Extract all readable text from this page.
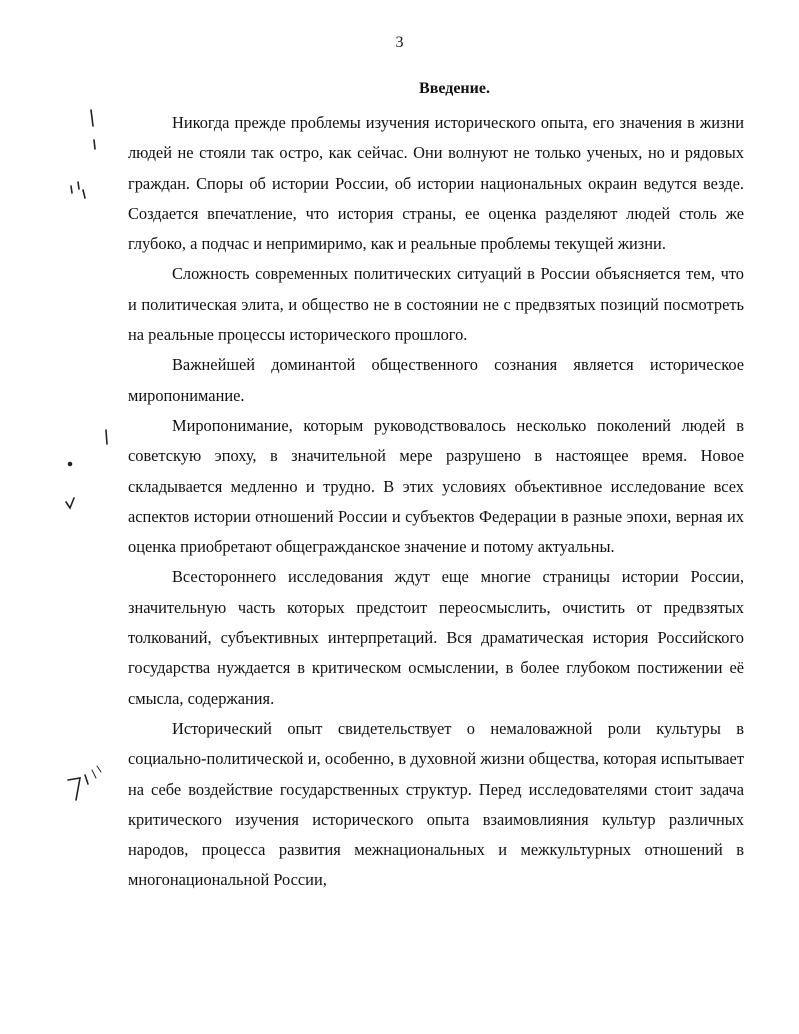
3
Введение.

Никогда прежде проблемы изучения исторического опыта, его значения в жизни людей не стояли так остро, как сейчас. Они волнуют не только ученых, но и рядовых граждан. Споры об истории России, об истории национальных окраин ведутся везде. Создается впечатление, что история страны, ее оценка разделяют людей столь же глубоко, а подчас и непримиримо, как и реальные проблемы текущей жизни.

Сложность современных политических ситуаций в России объясняется тем, что и политическая элита, и общество не в состоянии не с предвзятых позиций посмотреть на реальные процессы исторического прошлого.

Важнейшей доминантой общественного сознания является историческое миропонимание.

Миропонимание, которым руководствовалось несколько поколений людей в советскую эпоху, в значительной мере разрушено в настоящее время. Новое складывается медленно и трудно. В этих условиях объективное исследование всех аспектов истории отношений России и субъектов Федерации в разные эпохи, верная их оценка приобретают общегражданское значение и потому актуальны.

Всестороннего исследования ждут еще многие страницы истории России, значительную часть которых предстоит переосмыслить, очистить от предвзятых толкований, субъективных интерпретаций. Вся драматическая история Российского государства нуждается в критическом осмыслении, в более глубоком постижении её смысла, содержания.

Исторический опыт свидетельствует о немаловажной роли культуры в социально-политической и, особенно, в духовной жизни общества, которая испытывает на себе воздействие государственных структур. Перед исследователями стоит задача критического изучения исторического опыта взаимовлияния культур различных народов, процесса развития межнациональных и межкультурных отношений в многонациональной России,
